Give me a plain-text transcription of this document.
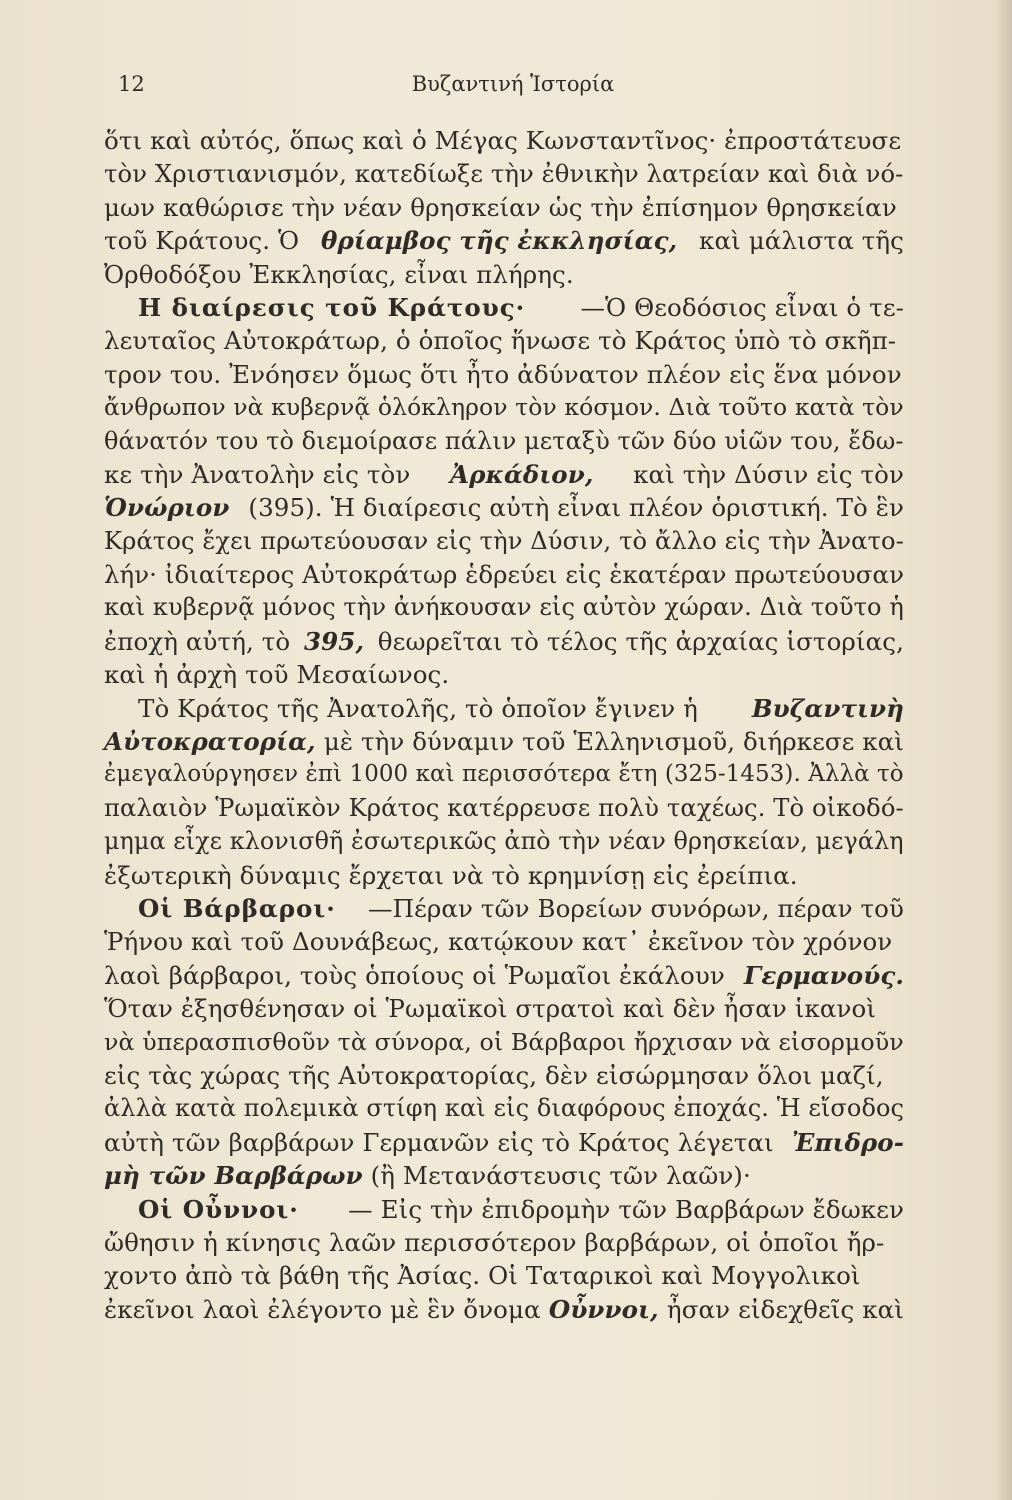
12	Βυζαντινή Ἱστορία
ὅτι καὶ αὐτός, ὅπως καὶ ὁ Μέγας Κωνσταντῖνος· ἐπροστάτευσε
τὸν Χριστιανισμόν, κατεδίωξε τὴν ἐθνικὴν λατρείαν καὶ διὰ νό-
μων καθώρισε τὴν νέαν θρησκείαν ὡς τὴν ἐπίσημον θρησκείαν
τοῦ Κράτους. Ὁ θρίαμβος τῆς ἐκκλησίας, καὶ μάλιστα τῆς
Ὀρθοδόξου Ἐκκλησίας, εἶναι πλήρης.
Η διαίρεσις τοῦ Κράτους· —Ὁ Θεοδόσιος εἶναι ὁ τε-
λευταῖος Αὐτοκράτωρ, ὁ ὁποῖος ἥνωσε τὸ Κράτος ὑπὸ τὸ σκῆπ-
τρον του. Ἐνόησεν ὅμως ὅτι ἦτο ἀδύνατον πλέον εἰς ἕνα μόνον
ἄνθρωπον νὰ κυβερνᾷ ὁλόκληρον τὸν κόσμον. Διὰ τοῦτο κατὰ τὸν
θάνατόν του τὸ διεμοίρασε πάλιν μεταξὺ τῶν δύο υἱῶν του, ἔδω-
κε τὴν Ἀνατολὴν εἰς τὸν Ἀρκάδιον, καὶ τὴν Δύσιν εἰς τὸν
Ὁνώριον (395). Ἡ διαίρεσις αὐτὴ εἶναι πλέον ὁριστική. Τὸ ἓν
Κράτος ἔχει πρωτεύουσαν εἰς τὴν Δύσιν, τὸ ἄλλο εἰς τὴν Ἀνατο-
λήν· ἰδιαίτερος Αὐτοκράτωρ ἑδρεύει εἰς ἑκατέραν πρωτεύουσαν
καὶ κυβερνᾷ μόνος τὴν ἀνήκουσαν εἰς αὐτὸν χώραν. Διὰ τοῦτο ἡ
ἐποχὴ αὐτή, τὸ 395, θεωρεῖται τὸ τέλος τῆς ἀρχαίας ἱστορίας,
καὶ ἡ ἀρχὴ τοῦ Μεσαίωνος.
Τὸ Κράτος τῆς Ἀνατολῆς, τὸ ὁποῖον ἔγινεν ἡ Βυζαντινὴ
Αὐτοκρατορία, μὲ τὴν δύναμιν τοῦ Ἑλληνισμοῦ, διήρκεσε καὶ
ἐμεγαλούργησεν ἐπὶ 1000 καὶ περισσότερα ἔτη (325-1453). Ἀλλὰ τὸ
παλαιὸν Ῥωμαϊκὸν Κράτος κατέρρευσε πολὺ ταχέως. Τὸ οἰκοδό-
μημα εἶχε κλονισθῆ ἐσωτερικῶς ἀπὸ τὴν νέαν θρησκείαν, μεγάλη
ἐξωτερικὴ δύναμις ἔρχεται νὰ τὸ κρημνίσῃ εἰς ἐρείπια.
Οἱ Βάρβαροι· —Πέραν τῶν Βορείων συνόρων, πέραν τοῦ
Ῥήνου καὶ τοῦ Δουνάβεως, κατῴκουν κατ᾽ ἐκεῖνον τὸν χρόνον
λαοὶ βάρβαροι, τοὺς ὁποίους οἱ Ῥωμαῖοι ἐκάλουν Γερμανούς.
Ὅταν ἐξησθένησαν οἱ Ῥωμαϊκοὶ στρατοὶ καὶ δὲν ἦσαν ἱκανοὶ
νὰ ὑπερασπισθοῦν τὰ σύνορα, οἱ Βάρβαροι ἤρχισαν νὰ εἰσορμοῦν
εἰς τὰς χώρας τῆς Αὐτοκρατορίας, δὲν εἰσώρμησαν ὅλοι μαζί,
ἀλλὰ κατὰ πολεμικὰ στίφη καὶ εἰς διαφόρους ἐποχάς. Ἡ εἴσοδος
αὐτὴ τῶν βαρβάρων Γερμανῶν εἰς τὸ Κράτος λέγεται Ἐπιδρο-
μὴ τῶν Βαρβάρων (ἢ Μετανάστευσις τῶν λαῶν)·
Οἱ Οὖννοι· — Εἰς τὴν ἐπιδρομὴν τῶν Βαρβάρων ἔδωκεν
ὤθησιν ἡ κίνησις λαῶν περισσότερον βαρβάρων, οἱ ὁποῖοι ἤρ-
χοντο ἀπὸ τὰ βάθη τῆς Ἀσίας. Οἱ Ταταρικοὶ καὶ Μογγολικοὶ
ἐκεῖνοι λαοὶ ἐλέγοντο μὲ ἓν ὄνομα Οὖννοι, ἦσαν εἰδεχθεῖς καὶ
